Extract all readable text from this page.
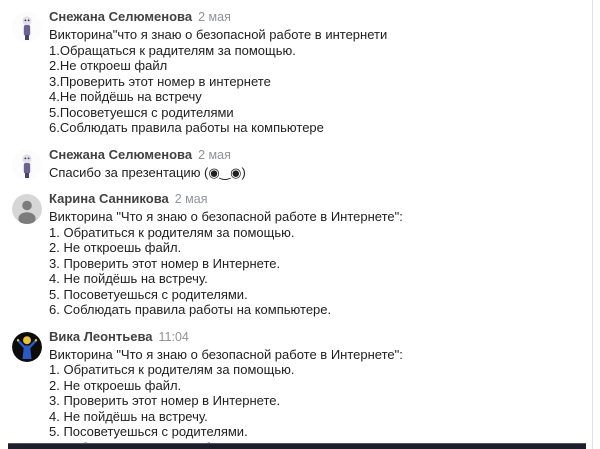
Снежана Селюменова 2 мая
Викторина"что я знаю о безопасной работе в интернети
1.Обращаться к радителям за помощью.
2.Не откроеш файл
3.Проверить этот номер в интернете
4.Не пойдёшь на встречу
5.Посоветуешся с родителями
6.Соблюдать правила работы на компьютере
Снежана Селюменова 2 мая
Спасибо за презентацию (◉‿◉)
Карина Санникова 2 мая
Викторина "Что я знаю о безопасной работе в Интернете":
1. Обратиться к родителям за помощью.
2. Не откроешь файл.
3. Проверить этот номер в Интернете.
4. Не пойдёшь на встречу.
5. Посоветуешься с родителями.
6. Соблюдать правила работы на компьютере.
Вика Леонтьева 11:04
Викторина "Что я знаю о безопасной работе в Интернете":
1. Обратиться к родителям за помощью.
2. Не откроешь файл.
3. Проверить этот номер в Интернете.
4. Не пойдёшь на встречу.
5. Посоветуешься с родителями.
